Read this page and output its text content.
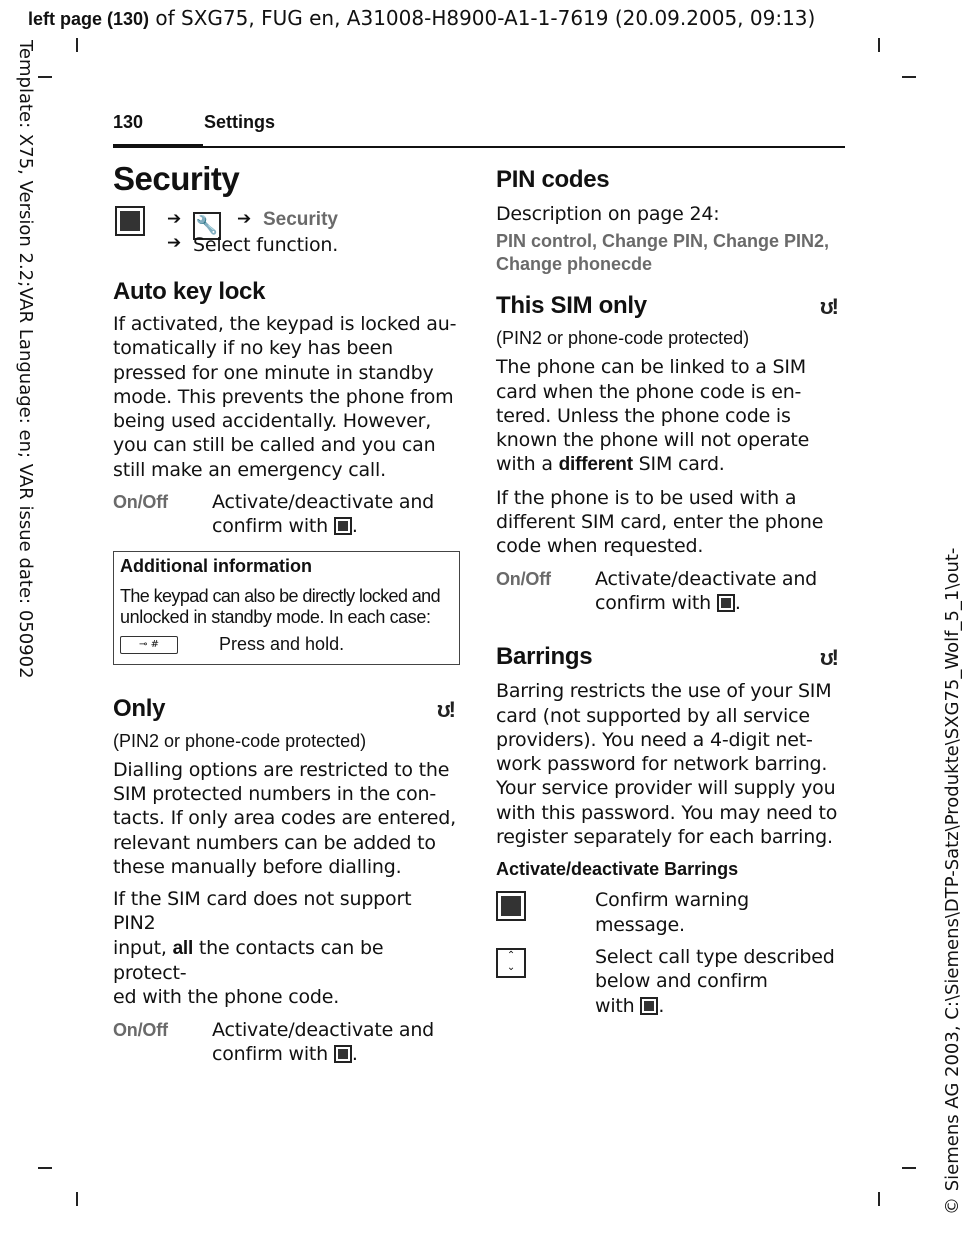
left page (130) of SXG75, FUG en, A31008-H8900-A1-1-7619 (20.09.2005, 09:13)
Template: X75, Version 2.2;VAR Language: en; VAR issue date: 050902
© Siemens AG 2003, C:\Siemens\DTP-Satz\Produkte\SXG75_Wolf_5_1\out-
130	Settings
Security
➔ 🔧 ➔ Security
➔ Select function.
Auto key lock
If activated, the keypad is locked au-
tomatically if no key has been
pressed for one minute in standby
mode. This prevents the phone from
being used accidentally. However,
you can still be called and you can
still make an emergency call.
On/Off Activate/deactivate and
confirm with .
Additional information
The keypad can also be directly locked and
unlocked in standby mode. In each case:
⊸ #	Press and hold.
Only	ʊ!
(PIN2 or phone-code protected)
Dialling options are restricted to the
SIM protected numbers in the con-
tacts. If only area codes are entered,
relevant numbers can be added to
these manually before dialling.
If the SIM card does not support PIN2
input, all the contacts can be protect-
ed with the phone code.
On/Off Activate/deactivate and
confirm with .
PIN codes
Description on page 24:
PIN control, Change PIN, Change PIN2,
Change phonecde
This SIM only	ʊ!
(PIN2 or phone-code protected)
The phone can be linked to a SIM
card when the phone code is en-
tered. Unless the phone code is
known the phone will not operate
with a different SIM card.
If the phone is to be used with a
different SIM card, enter the phone
code when requested.
On/Off Activate/deactivate and
confirm with .
Barrings	ʊ!
Barring restricts the use of your SIM
card (not supported by all service
providers). You need a 4-digit net-
work password for network barring.
Your service provider will supply you
with this password. You may need to
register separately for each barring.
Activate/deactivate Barrings
Confirm warning
message.
⌃
⌄	Select call type described
below and confirm
with .
